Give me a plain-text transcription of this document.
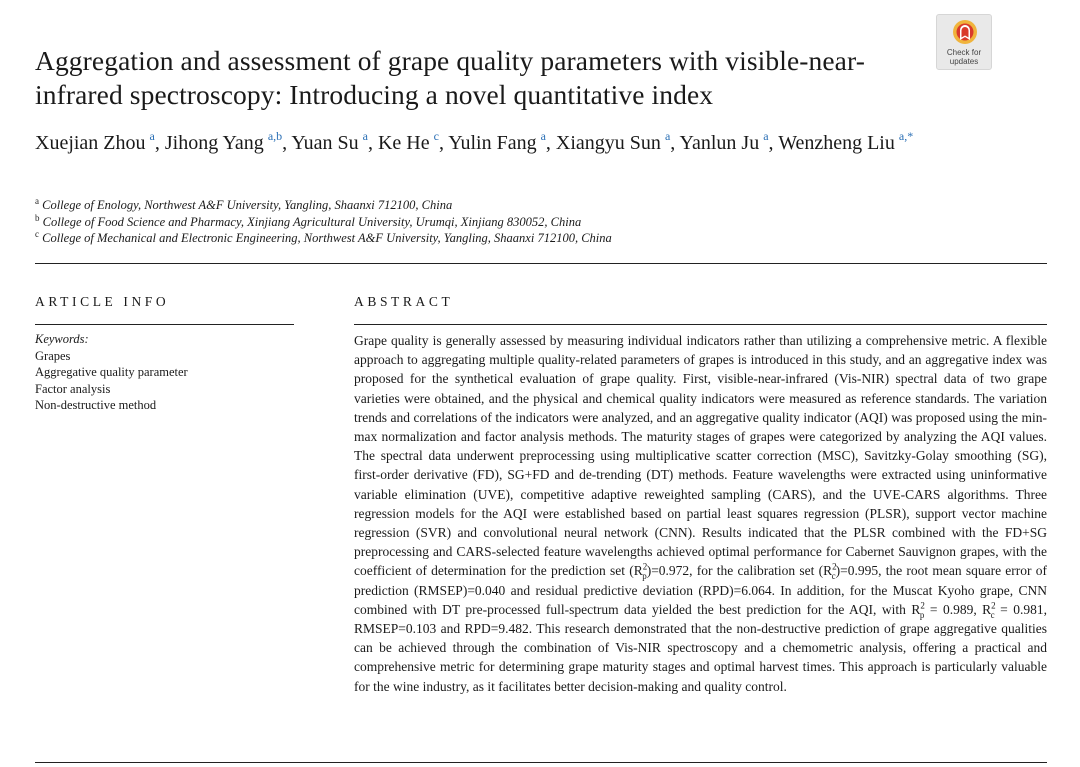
Aggregation and assessment of grape quality parameters with visible-near-infrared spectroscopy: Introducing a novel quantitative index
Check for
updates
Xuejian Zhou  $^a$, Jihong Yang  $^{a,b}$, Yuan Su  $^a$, Ke He  $^c$, Yulin Fang  $^a$, Xiangyu Sun  $^a$, Yanlun Ju  $^a$, Wenzheng Liu  $^{a,*}$
$^a$ College of Enology, Northwest A&F University, Yangling, Shaanxi 712100, China
$^b$ College of Food Science and Pharmacy, Xinjiang Agricultural University, Urumqi, Xinjiang 830052, China
$^c$ College of Mechanical and Electronic Engineering, Northwest A&F University, Yangling, Shaanxi 712100, China
ARTICLE INFO	ABSTRACT
Keywords:
Grapes
Aggregative quality parameter
Factor analysis
Non-destructive method

Grape quality is generally assessed by measuring individual indicators rather than utilizing a comprehensive metric. A flexible approach to aggregating multiple quality-related parameters of grapes is introduced in this study, and an aggregative index was proposed for the synthetical evaluation of grape quality. First, visible-near-infrared (Vis-NIR) spectral data of two grape varieties were obtained, and the physical and chemical quality indicators were measured as reference standards. The variation trends and correlations of the indicators were analyzed, and an aggregative quality indicator (AQI) was proposed using the min-max normalization and factor analysis methods. The maturity stages of grapes were categorized by analyzing the AQI values. The spectral data underwent preprocessing using multiplicative scatter correction (MSC), Savitzky-Golay smoothing (SG), first-order derivative (FD), SG+FD and de-trending (DT) methods. Feature wavelengths were extracted using uninformative variable elimination (UVE), competitive adaptive reweighted sampling (CARS), and the UVE-CARS algorithms. Three regression models for the AQI were established based on partial least squares regression (PLSR), support vector machine regression (SVR) and convolutional neural network (CNN). Results indicated that the PLSR combined with the FD+SG preprocessing and CARS-selected feature wavelengths achieved optimal performance for Cabernet Sauvignon grapes, with the coefficient of determination for the prediction set $(R^2_p)=0.972$, for the calibration set $(R^2_c)=0.995$, the root mean square error of prediction (RMSEP)=0.040 and residual predictive deviation (RPD)=6.064. In addition, for the Muscat Kyoho grape, CNN combined with DT pre-processed full-spectrum data yielded the best prediction for the AQI, with $R^2_p = 0.989$, $R^2_c = 0.981$, RMSEP=0.103 and RPD=9.482. This research demonstrated that the non-destructive prediction of grape aggregative qualities can be achieved through the combination of Vis-NIR spectroscopy and a chemometric analysis, offering a practical and comprehensive metric for determining grape maturity stages and optimal harvest times. This approach is particularly valuable for the wine industry, as it facilitates better decision-making and quality control.
